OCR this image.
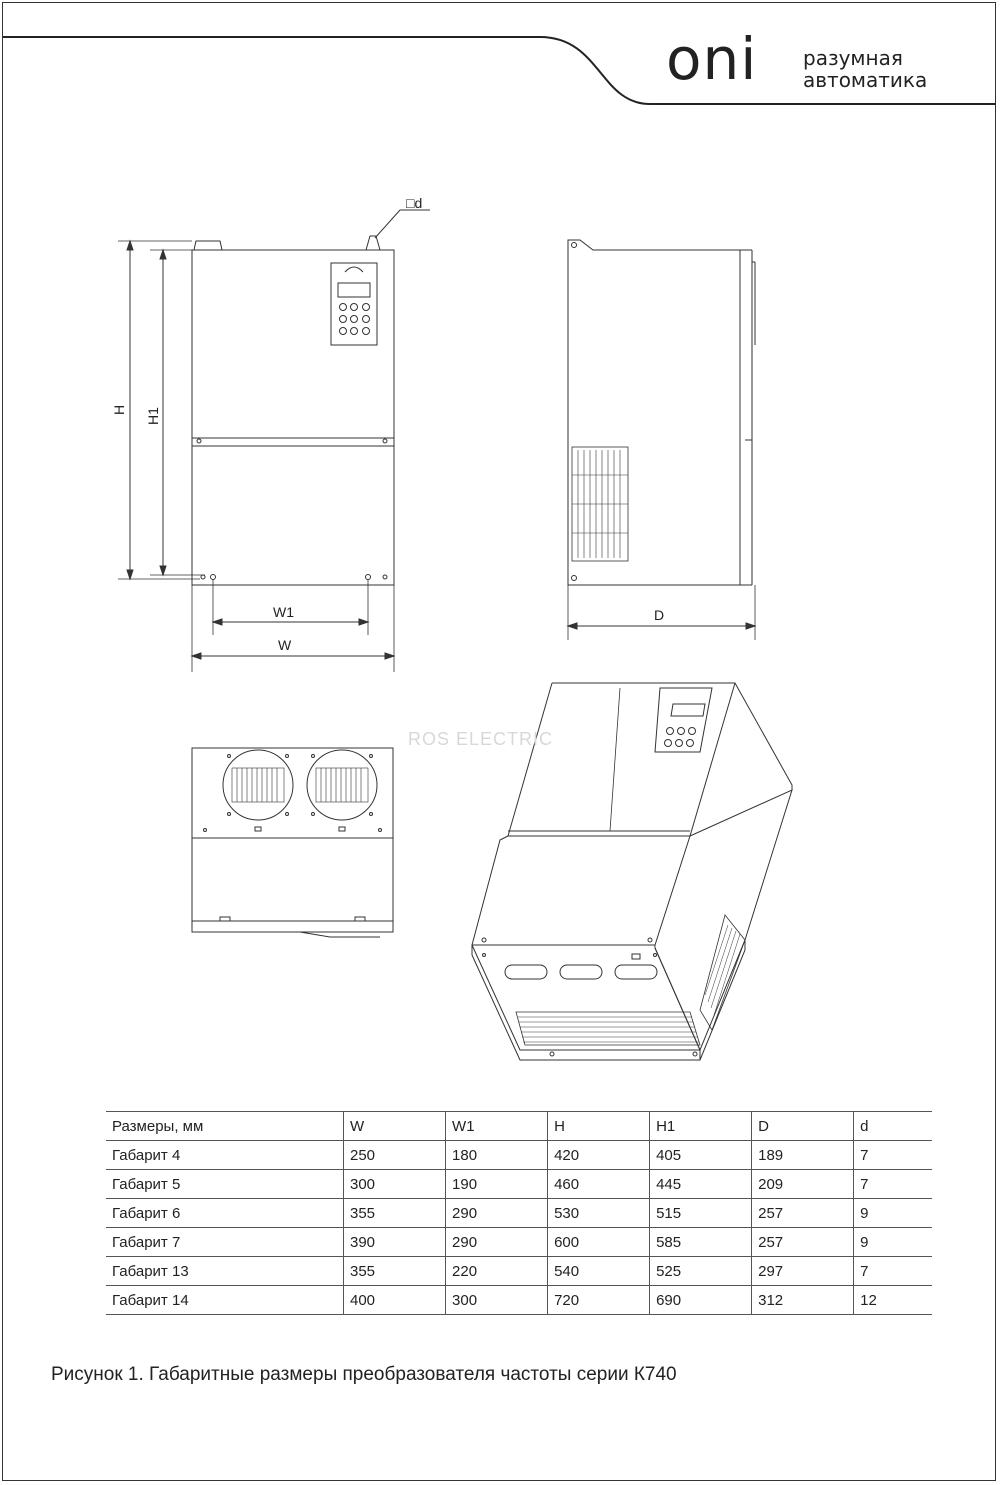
oni разумная
автоматика
□d
H H1
W1
W
D
ROS ELECTRIC
Размеры, мм	W	W1	H	H1	D	d
Габарит 4	250	180	420	405	189	7
Габарит 5	300	190	460	445	209	7
Габарит 6	355	290	530	515	257	9
Габарит 7	390	290	600	585	257	9
Габарит 13	355	220	540	525	297	7
Габарит 14	400	300	720	690	312	12
Рисунок 1. Габаритные размеры преобразователя частоты серии К740
